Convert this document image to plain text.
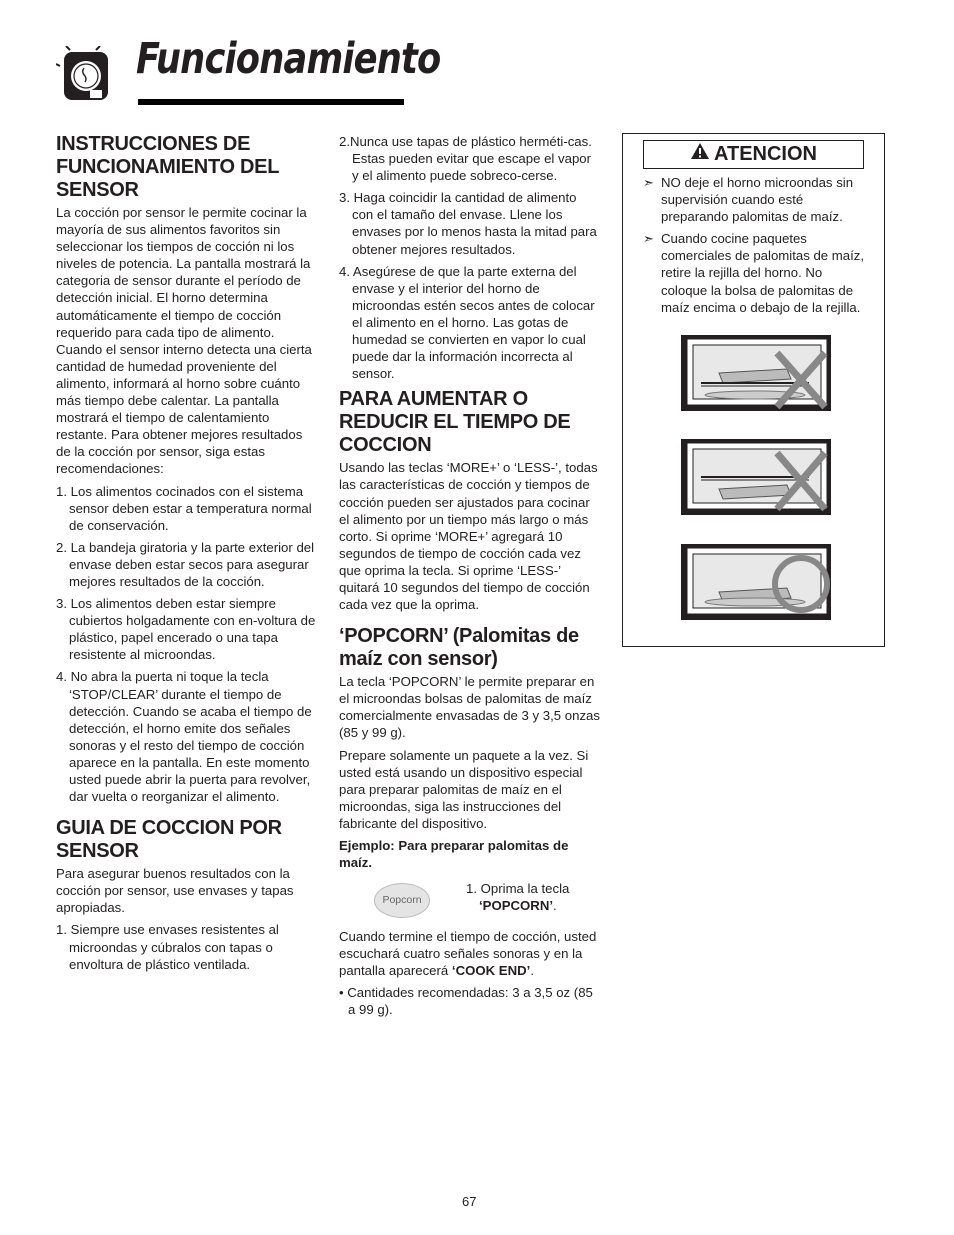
Funcionamiento
INSTRUCCIONES DE FUNCIONAMIENTO DEL SENSOR

La cocción por sensor le permite cocinar la mayoría de sus alimentos favoritos sin seleccionar los tiempos de cocción ni los niveles de potencia. La pantalla mostrará la categoria de sensor durante el período de detección inicial. El horno determina automáticamente el tiempo de cocción requerido para cada tipo de alimento. Cuando el sensor interno detecta una cierta cantidad de humedad proveniente del alimento, informará al horno sobre cuánto más tiempo debe calentar. La pantalla mostrará el tiempo de calentamiento restante. Para obtener mejores resultados de la cocción por sensor, siga estas recomendaciones:

1. Los alimentos cocinados con el sistema sensor deben estar a temperatura normal de conservación.
2. La bandeja giratoria y la parte exterior del envase deben estar secos para asegurar mejores resultados de la cocción.
3. Los alimentos deben estar siempre cubiertos holgadamente con en-voltura de plástico, papel encerado o una tapa resistente al microondas.
4. No abra la puerta ni toque la tecla ‘STOP/CLEAR’ durante el tiempo de detección. Cuando se acaba el tiempo de detección, el horno emite dos señales sonoras y el resto del tiempo de cocción aparece en la pantalla. En este momento usted puede abrir la puerta para revolver, dar vuelta o reorganizar el alimento.
GUIA DE COCCION POR SENSOR

Para asegurar buenos resultados con la cocción por sensor, use envases y tapas apropiadas.

1. Siempre use envases resistentes al microondas y cúbralos con tapas o envoltura de plástico ventilada.
2.Nunca use tapas de plástico herméti-cas. Estas pueden evitar que escape el vapor y el alimento puede sobreco-cerse.
3. Haga coincidir la cantidad de alimento con el tamaño del envase. Llene los envases por lo menos hasta la mitad para obtener mejores resultados.
4. Asegúrese de que la parte externa del envase y el interior del horno de microondas estén secos antes de colocar el alimento en el horno. Las gotas de humedad se convierten en vapor lo cual puede dar la información incorrecta al sensor.
PARA AUMENTAR O REDUCIR EL TIEMPO DE COCCION

Usando las teclas ‘MORE+’ o ‘LESS-’, todas las características de cocción y tiempos de cocción pueden ser ajustados para cocinar el alimento por un tiempo más largo o más corto. Si oprime ‘MORE+’ agregará 10 segundos de tiempo de cocción cada vez que oprima la tecla. Si oprime ‘LESS-’ quitará 10 segundos del tiempo de cocción cada vez que la oprima.

‘POPCORN’ (Palomitas de maíz con sensor)

La tecla ‘POPCORN’ le permite preparar en el microondas bolsas de palomitas de maíz comercialmente envasadas de 3 y 3,5 onzas (85 y 99 g).

Prepare solamente un paquete a la vez. Si usted está usando un dispositivo especial para preparar palomitas de maíz en el microondas, siga las instrucciones del fabricante del dispositivo.

Ejemplo: Para preparar palomitas de maíz.

Popcorn
1. Oprima la tecla
‘POPCORN’.

Cuando termine el tiempo de cocción, usted escuchará cuatro señales sonoras y en la pantalla aparecerá ‘COOK END’.

• Cantidades recomendadas: 3 a 3,5 oz (85 a 99 g).

ATENCION
➣ NO deje el horno microondas sin supervisión cuando esté preparando palomitas de maíz.
➣ Cuando cocine paquetes comerciales de palomitas de maíz, retire la rejilla del horno. No coloque la bolsa de palomitas de maíz encima o debajo de la rejilla.
67
